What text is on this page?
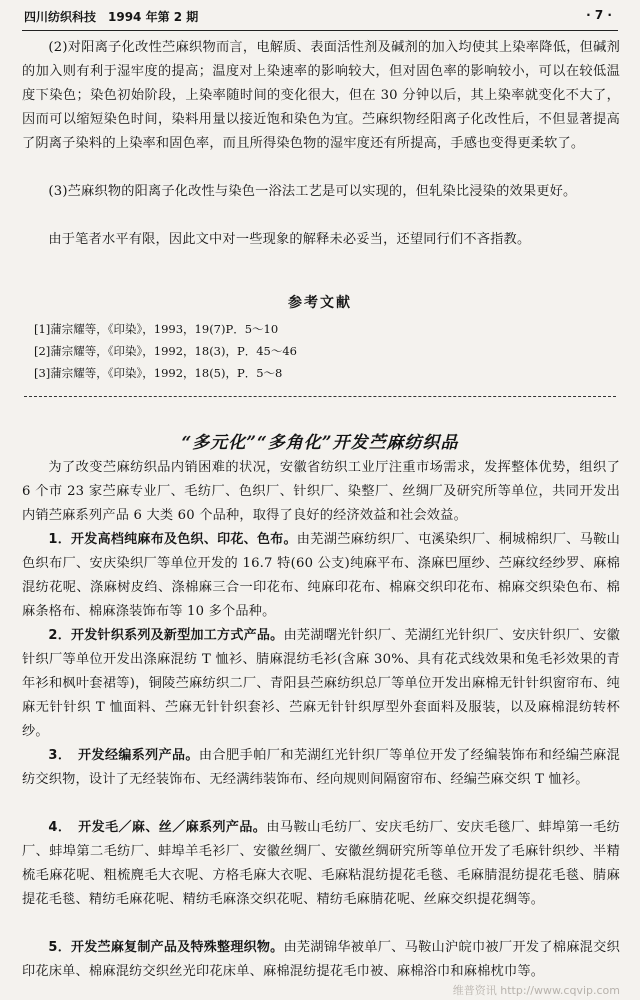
四川纺织科技　1994 年第 2 期	· 7 ·

(2)对阳离子化改性苎麻织物而言，电解质、表面活性剂及碱剂的加入均使其上染率降低，但碱剂的加入则有利于湿牢度的提高；温度对上染速率的影响较大，但对固色率的影响较小，可以在较低温度下染色；染色初始阶段，上染率随时间的变化很大，但在 30 分钟以后，其上染率就变化不大了，因而可以缩短染色时间，染料用量以接近饱和染色为宜。苎麻织物经阳离子化改性后，不但显著提高了阴离子染料的上染率和固色率，而且所得染色物的湿牢度还有所提高，手感也变得更柔软了。

(3)苎麻织物的阳离子化改性与染色一浴法工艺是可以实现的，但轧染比浸染的效果更好。

由于笔者水平有限，因此文中对一些现象的解释未必妥当，还望同行们不吝指教。

参考文献
[1]蒲宗耀等，《印染》，1993，19(7)P．5～10
[2]蒲宗耀等，《印染》，1992，18(3)，P．45～46
[3]蒲宗耀等，《印染》，1992，18(5)，P．5～8
“多元化”“多角化”开发苎麻纺织品

为了改变苎麻纺织品内销困难的状况，安徽省纺织工业厅注重市场需求，发挥整体优势，组织了 6 个市 23 家苎麻专业厂、毛纺厂、色织厂、针织厂、染整厂、丝绸厂及研究所等单位，共同开发出内销苎麻系列产品 6 大类 60 个品种，取得了良好的经济效益和社会效益。

1．开发高档纯麻布及色织、印花、色布。由芜湖苎麻纺织厂、屯溪染织厂、桐城棉织厂、马鞍山色织布厂、安庆染织厂等单位开发的 16.7 特(60 公支)纯麻平布、涤麻巴厘纱、苎麻纹经纱罗、麻棉混纺花呢、涤麻树皮绉、涤棉麻三合一印花布、纯麻印花布、棉麻交织印花布、棉麻交织染色布、棉麻条格布、棉麻涤装饰布等 10 多个品种。

2．开发针织系列及新型加工方式产品。由芜湖曙光针织厂、芜湖红光针织厂、安庆针织厂、安徽针织厂等单位开发出涤麻混纺 T 恤衫、腈麻混纺毛衫(含麻 30%、具有花式线效果和兔毛衫效果的青年衫和枫叶套裙等)，铜陵苎麻纺织二厂、青阳县苎麻纺织总厂等单位开发出麻棉无针针织窗帘布、纯麻无针针织 T 恤面料、苎麻无针针织套衫、苎麻无针针织厚型外套面料及服装，以及麻棉混纺转杯纱。

3．　开发经编系列产品。由合肥手帕厂和芜湖红光针织厂等单位开发了经编装饰布和经编苎麻混纺交织物，设计了无经装饰布、无经满纬装饰布、经向规则间隔窗帘布、经编苎麻交织 T 恤衫。

4．　开发毛／麻、丝／麻系列产品。由马鞍山毛纺厂、安庆毛纺厂、安庆毛毯厂、蚌埠第一毛纺厂、蚌埠第二毛纺厂、蚌埠羊毛衫厂、安徽丝绸厂、安徽丝绸研究所等单位开发了毛麻针织纱、半精梳毛麻花呢、粗梳麂毛大衣呢、方格毛麻大衣呢、毛麻粘混纺提花毛毯、毛麻腈混纺提花毛毯、腈麻提花毛毯、精纺毛麻花呢、精纺毛麻涤交织花呢、精纺毛麻腈花呢、丝麻交织提花绸等。

5．开发苎麻复制产品及特殊整理织物。由芜湖锦华被单厂、马鞍山沪皖巾被厂开发了棉麻混交织印花床单、棉麻混纺交织丝光印花床单、麻棉混纺提花毛巾被、麻棉浴巾和麻棉枕巾等。

维普资讯 http://www.cqvip.com
